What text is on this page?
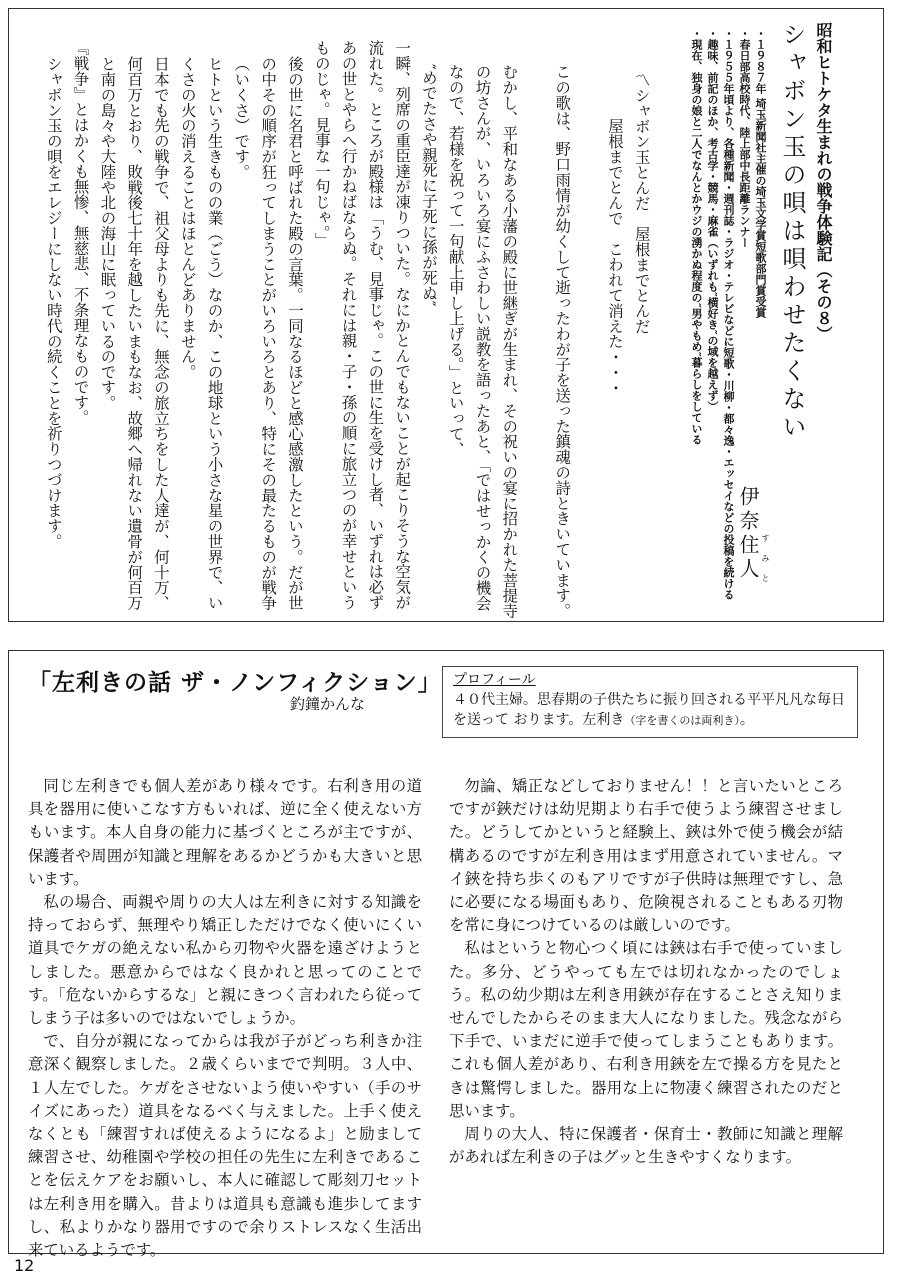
昭和ヒトケタ生まれの戦争体験記（その８）
シャボン玉の唄は唄わせたくない
・１９８７年 埼玉新聞社主催の埼玉文学賞短歌部門賞受賞
・春日部高校時代、陸上部中長距離ランナー
・１９５５年頃より、各種新聞・週刊誌・ラジオ・テレビなどに短歌・川柳・都々逸・エッセイなどの投稿を続ける
・趣味、前記のほか、考古学・競馬・麻雀（いずれも″横好き″の域を越えず）
・現在、独身の娘と二人でなんとかウジの湧かぬ程度の″男やもめ″暮らしをしている
伊奈住人 すみと

〽シャボン玉とんだ　屋根までとんだ

屋根までとんで　こわれて消えた・・・

この歌は、野口雨情が幼くして逝ったわが子を送った鎮魂の詩ときいています。

むかし、平和なある小藩の殿に世継ぎが生まれ、その祝いの宴に招かれた菩提寺の坊さんが、いろいろ宴にふさわしい説教を語ったあと、「ではせっかくの機会なので、若様を祝って一句献上申し上げる。」といって、

″めでたさや親死に子死に孫が死ぬ″

一瞬、列席の重臣達が凍りついた。なにかとんでもないことが起こりそうな空気が流れた。ところが殿様は「うむ、見事じゃ。この世に生を受けし者、いずれは必ずあの世とやらへ行かねばならぬ。それには親・子・孫の順に旅立つのが幸せというものじゃ。見事な一句じゃ。」

後の世に名君と呼ばれた殿の言葉。一同なるほどと感心感激したという。だが世の中その順序が狂ってしまうことがいろいろとあり、特にその最たるものが戦争（いくさ）です。

ヒトという生きものの業（ごう）なのか、この地球という小さな星の世界で、いくさの火の消えることはほとんどありません。

日本でも先の戦争で、祖父母よりも先に、無念の旅立ちをした人達が、何十万、何百万とおり、敗戦後七十年を越したいまもなお、故郷へ帰れない遺骨が何百万と南の島々や大陸や北の海山に眠っているのです。

『戦争』とはかくも無惨、無慈悲、不条理なものです。

シャボン玉の唄をエレジーにしない時代の続くことを祈りつづけます。

「左利きの話 ザ・ノンフィクション」
釣鐘かんな
プロフィール
４０代主婦。思春期の子供たちに振り回される平平凡凡な毎日を送って おります。左利き（字を書くのは両利き）。

同じ左利きでも個人差があり様々です。右利き用の道具を器用に使いこなす方もいれば、逆に全く使えない方もいます。本人自身の能力に基づくところが主ですが、保護者や周囲が知識と理解をあるかどうかも大きいと思います。

私の場合、両親や周りの大人は左利きに対する知識を持っておらず、無理やり矯正しただけでなく使いにくい道具でケガの絶えない私から刃物や火器を遠ざけようとしました。悪意からではなく良かれと思ってのことです。「危ないからするな」と親にきつく言われたら従ってしまう子は多いのではないでしょうか。

で、自分が親になってからは我が子がどっち利きか注意深く観察しました。２歳くらいまでで判明。３人中、１人左でした。ケガをさせないよう使いやすい（手のサイズにあった）道具をなるべく与えました。上手く使えなくとも「練習すれば使えるようになるよ」と励まして練習させ、幼稚園や学校の担任の先生に左利きであることを伝えケアをお願いし、本人に確認して彫刻刀セットは左利き用を購入。昔よりは道具も意識も進歩してますし、私よりかなり器用ですので余りストレスなく生活出来ているようです。

勿論、矯正などしておりません！！と言いたいところですが鋏だけは幼児期より右手で使うよう練習させました。どうしてかというと経験上、鋏は外で使う機会が結構あるのですが左利き用はまず用意されていません。マイ鋏を持ち歩くのもアリですが子供時は無理ですし、急に必要になる場面もあり、危険視されることもある刃物を常に身につけているのは厳しいのです。

私はというと物心つく頃には鋏は右手で使っていました。多分、どうやっても左では切れなかったのでしょう。私の幼少期は左利き用鋏が存在することさえ知りませんでしたからそのまま大人になりました。残念ながら下手で、いまだに逆手で使ってしまうこともあります。これも個人差があり、右利き用鋏を左で操る方を見たときは驚愕しました。器用な上に物凄く練習されたのだと思います。

周りの大人、特に保護者・保育士・教師に知識と理解があれば左利きの子はグッと生きやすくなります。

12
